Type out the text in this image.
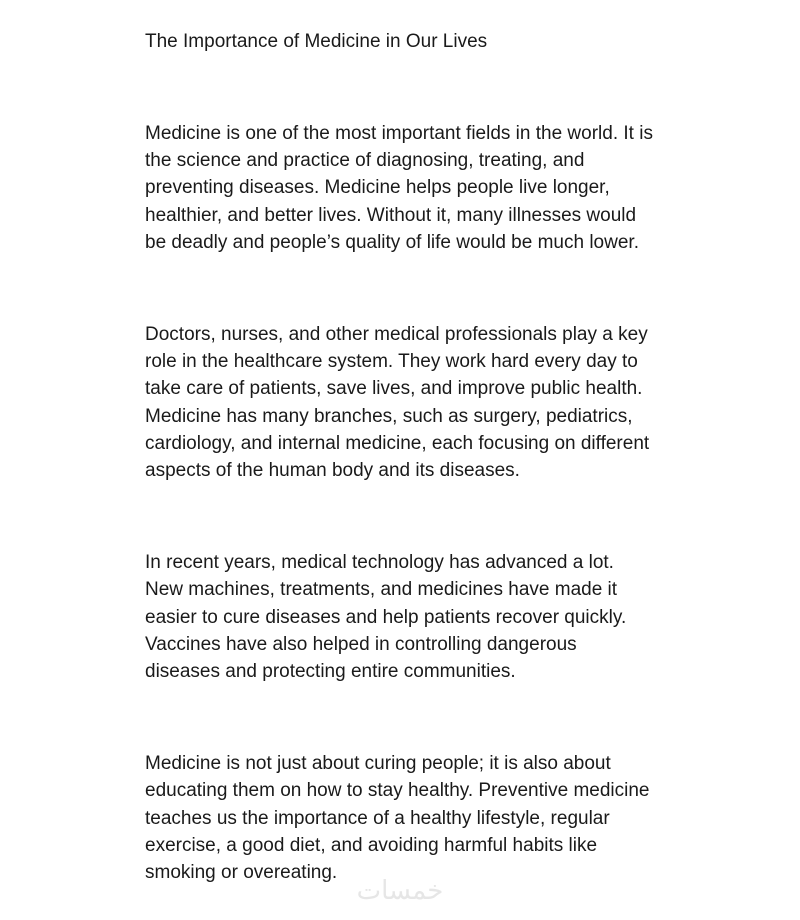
The Importance of Medicine in Our Lives

Medicine is one of the most important fields in the world. It is the science and practice of diagnosing, treating, and preventing diseases. Medicine helps people live longer, healthier, and better lives. Without it, many illnesses would be deadly and people’s quality of life would be much lower.

Doctors, nurses, and other medical professionals play a key role in the healthcare system. They work hard every day to take care of patients, save lives, and improve public health. Medicine has many branches, such as surgery, pediatrics, cardiology, and internal medicine, each focusing on different aspects of the human body and its diseases.

In recent years, medical technology has advanced a lot. New machines, treatments, and medicines have made it easier to cure diseases and help patients recover quickly. Vaccines have also helped in controlling dangerous diseases and protecting entire communities.

Medicine is not just about curing people; it is also about educating them on how to stay healthy. Preventive medicine teaches us the importance of a healthy lifestyle, regular exercise, a good diet, and avoiding harmful habits like smoking or overeating.

خمسات
